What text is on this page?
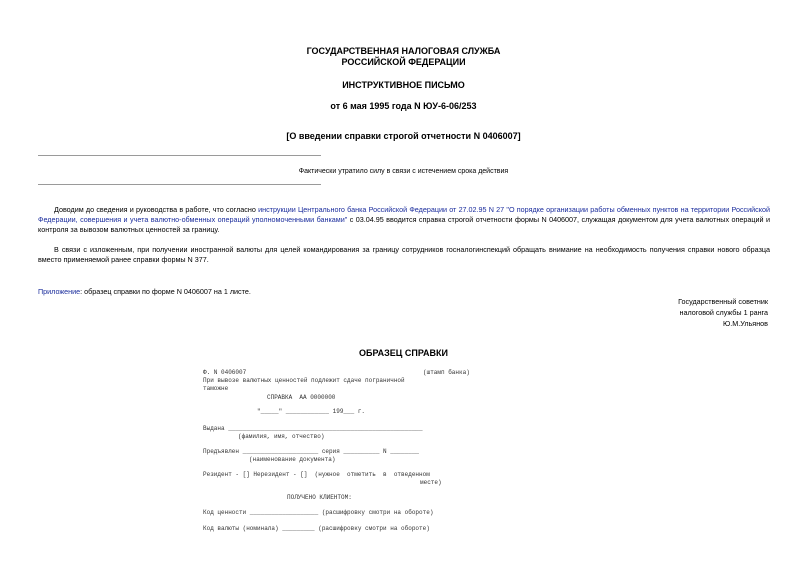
ГОСУДАРСТВЕННАЯ НАЛОГОВАЯ СЛУЖБА
РОССИЙСКОЙ ФЕДЕРАЦИИ
ИНСТРУКТИВНОЕ ПИСЬМО
от 6 мая 1995 года N ЮУ-6-06/253
[О введении справки строгой отчетности N 0406007]
Фактически утратило силу в связи с истечением срока действия
Доводим до сведения и руководства в работе, что согласно инструкции Центрального банка Российской Федерации от 27.02.95 N 27 "О порядке организации работы обменных пунктов на территории Российской Федерации, совершения и учета валютно-обменных операций уполномоченными банками" с 03.04.95 вводится справка строгой отчетности формы N 0406007, служащая документом для учета валютных операций и контроля за вывозом валютных ценностей за границу.
В связи с изложенным, при получении иностранной валюты для целей командирования за границу сотрудников госналогинспекций обращать внимание на необходимость получения справки нового образца вместо применяемой ранее справки формы N 377.
Приложение: образец справки по форме N 0406007 на 1 листе.
Государственный советник
налоговой службы 1 ранга
Ю.М.Ульянов
ОБРАЗЕЦ СПРАВКИ
Ф. N 0406007	(штамп банка)
При вывозе валютных ценностей подлежит сдаче пограничной
таможне
СПРАВКА  АА 0000000
"_____" ____________ 199___ г.
Выдана ______________________________________________________
(фамилия, имя, отчество)
Предъявлен _____________________ серия __________ N ________
(наименование документа)
Резидент - [] Нерезидент - []  (нужное  отметить  в  отведенном
месте)
ПОЛУЧЕНО КЛИЕНТОМ:
Код ценности ___________________ (расшифровку смотри на обороте)
Код валюты (номинала) _________ (расшифровку смотри на обороте)
